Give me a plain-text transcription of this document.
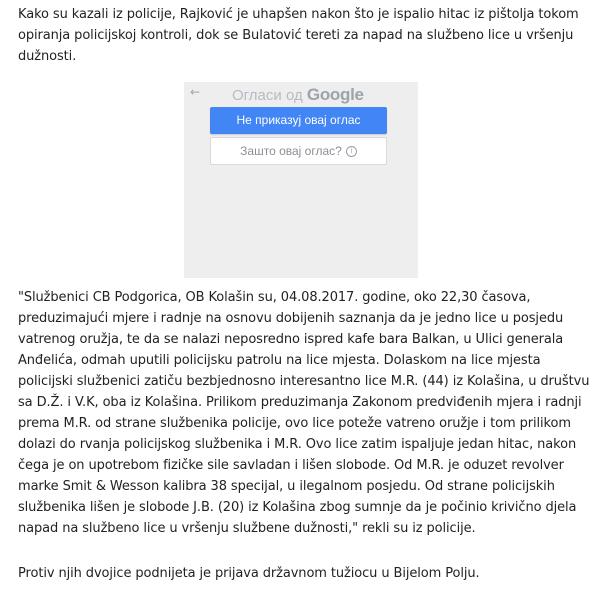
Kako su kazali iz policije, Rajković je uhapšen nakon što je ispalio hitac iz pištolja tokom opiranja policijskoj kontroli, dok se Bulatović tereti za napad na službeno lice u vršenju dužnosti.

← Огласи од Google
Не приказуј овај оглас
Зашто овај оглас? i

"Službenici CB Podgorica, OB Kolašin su, 04.08.2017. godine, oko 22,30 časova, preduzimajući mjere i radnje na osnovu dobijenih saznanja da je jedno lice u posjedu vatrenog oružja, te da se nalazi neposredno ispred kafe bara Balkan, u Ulici generala Anđelića, odmah uputili policijsku patrolu na lice mjesta. Dolaskom na lice mjesta policijski službenici zatiču bezbjednosno interesantno lice M.R. (44) iz Kolašina, u društvu sa D.Ž. i V.K, oba iz Kolašina. Prilikom preduzimanja Zakonom predviđenih mjera i radnji prema M.R. od strane službenika policije, ovo lice poteže vatreno oružje i tom prilikom dolazi do rvanja policijskog službenika i M.R. Ovo lice zatim ispaljuje jedan hitac, nakon čega je on upotrebom fizičke sile savladan i lišen slobode. Od M.R. je oduzet revolver marke Smit & Wesson kalibra 38 specijal, u ilegalnom posjedu. Od strane policijskih službenika lišen je slobode J.B. (20) iz Kolašina zbog sumnje da je počinio krivično djela napad na službeno lice u vršenju službene dužnosti," rekli su iz policije.

Protiv njih dvojice podnijeta je prijava državnom tužiocu u Bijelom Polju.
